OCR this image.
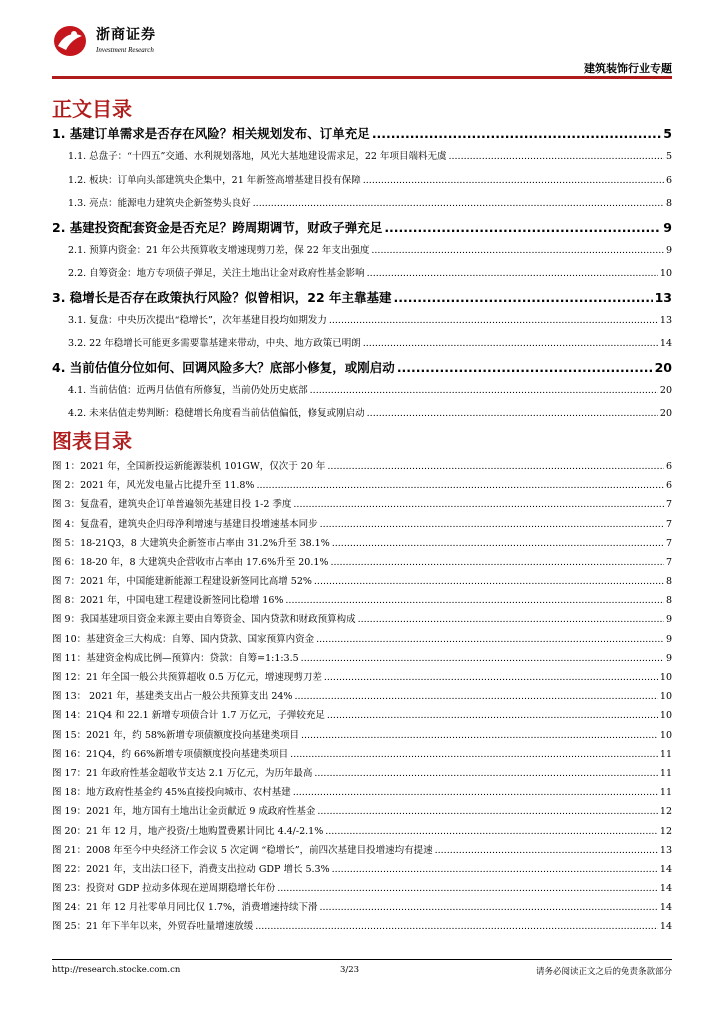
浙商证券
Investment Research
建筑装饰行业专题
正文目录
1. 基建订单需求是否存在风险？相关规划发布、订单充足 .....	5
1.1. 总盘子：“十四五”交通、水利规划落地，风光大基地建设需求足，22 年项目端料无虞 .....	5
1.2. 板块：订单向头部建筑央企集中，21 年新签高增基建目投有保障 .....	6
1.3. 亮点：能源电力建筑央企新签势头良好 .....	8
2. 基建投资配套资金是否充足？跨周期调节，财政子弹充足 .....	9
2.1. 预算内资金：21 年公共预算收支增速现剪刀差，保 22 年支出强度 .....	9
2.2. 自筹资金：地方专项债子弹足，关注土地出让金对政府性基金影响 .....	10
3. 稳增长是否存在政策执行风险？似曾相识，22 年主靠基建 .....	13
3.1. 复盘：中央历次提出“稳增长”，次年基建目投均如期发力 .....	13
3.2. 22 年稳增长可能更多需要靠基建来带动，中央、地方政策已明朗 .....	14
4. 当前估值分位如何、回调风险多大？底部小修复，或刚启动 .....	20
4.1. 当前估值：近两月估值有所修复，当前仍处历史底部 .....	20
4.2. 未来估值走势判断：稳健增长角度看当前估值偏低，修复或刚启动 .....	20
图表目录
图 1：2021 年，全国新投运新能源装机 101GW，仅次于 20 年 .....	6
图 2：2021 年，风光发电量占比提升至 11.8% .....	6
图 3：复盘看，建筑央企订单普遍领先基建目投 1-2 季度 .....	7
图 4：复盘看，建筑央企归母净利增速与基建目投增速基本同步 .....	7
图 5：18-21Q3，8 大建筑央企新签市占率由 31.2%升至 38.1% .....	7
图 6：18-20 年，8 大建筑央企营收市占率由 17.6%升至 20.1% .....	7
图 7：2021 年，中国能建新能源工程建设新签同比高增 52% .....	8
图 8：2021 年，中国电建工程建设新签同比稳增 16% .....	8
图 9：我国基建项目资金来源主要由自筹资金、国内贷款和财政预算构成 .....	9
图 10：基建资金三大构成：自筹、国内贷款、国家预算内资金 .....	9
图 11：基建资金构成比例—预算内：贷款：自筹=1:1:3.5 .....	9
图 12：21 年全国一般公共预算超收 0.5 万亿元，增速现剪刀差 .....	10
图 13： 2021 年，基建类支出占一般公共预算支出 24% .....	10
图 14：21Q4 和 22.1 新增专项债合计 1.7 万亿元，子弹较充足 .....	10
图 15：2021 年，约 58%新增专项债额度投向基建类项目 .....	10
图 16：21Q4，约 66%新增专项债额度投向基建类项目 .....	11
图 17：21 年政府性基金超收节支达 2.1 万亿元，为历年最高 .....	11
图 18：地方政府性基金约 45%直接投向城市、农村基建 .....	11
图 19：2021 年，地方国有土地出让金贡献近 9 成政府性基金 .....	12
图 20：21 年 12 月，地产投资/土地购置费累计同比 4.4/-2.1% .....	12
图 21：2008 年至今中央经济工作会议 5 次定调 “稳增长”，前四次基建目投增速均有提速 .....	13
图 22：2021 年，支出法口径下，消费支出拉动 GDP 增长 5.3% .....	14
图 23：投资对 GDP 拉动多体现在逆周期稳增长年份 .....	14
图 24：21 年 12 月社零单月同比仅 1.7%，消费增速持续下滑 .....	14
图 25：21 年下半年以来，外贸吞吐量增速放缓 .....	14
http://research.stocke.com.cn	3/23	请务必阅读正文之后的免责条款部分
